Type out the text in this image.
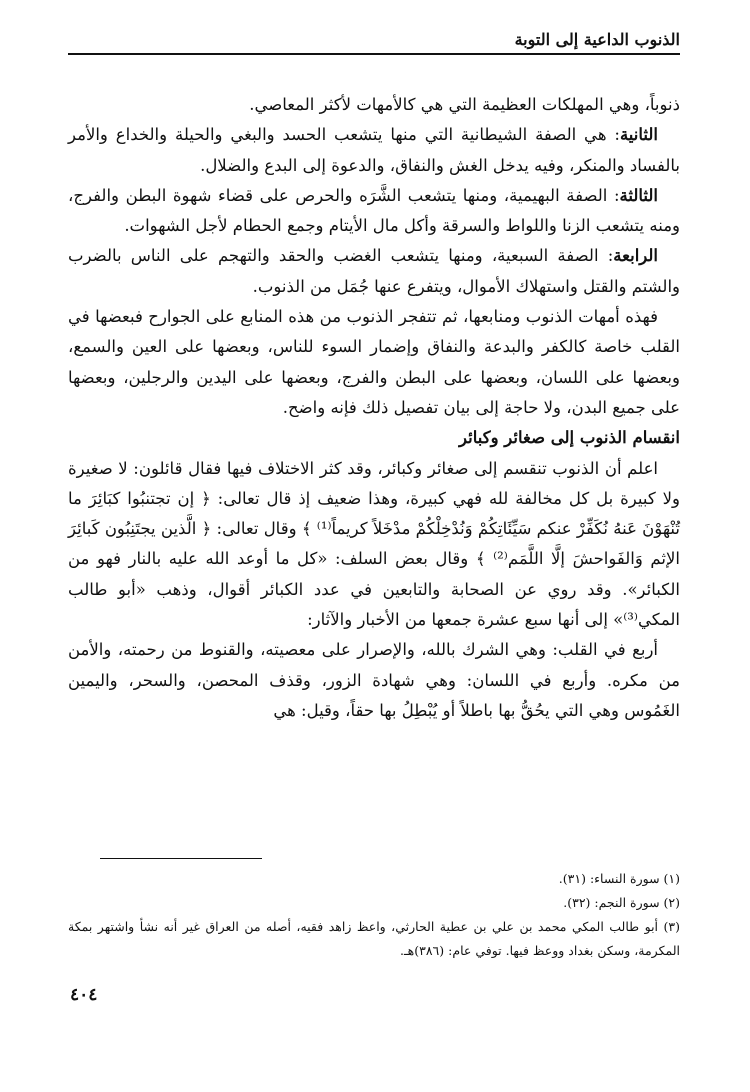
الذنوب الداعية إلى التوبة

ذنوباً، وهي المهلكات العظيمة التي هي كالأمهات لأكثر المعاصي.

الثانية: هي الصفة الشيطانية التي منها يتشعب الحسد والبغي والحيلة والخداع والأمر بالفساد والمنكر، وفيه يدخل الغش والنفاق، والدعوة إلى البدع والضلال.

الثالثة: الصفة البهيمية، ومنها يتشعب الشَّرَه والحرص على قضاء شهوة البطن والفرج، ومنه يتشعب الزنا واللواط والسرقة وأكل مال الأيتام وجمع الحطام لأجل الشهوات.

الرابعة: الصفة السبعية، ومنها يتشعب الغضب والحقد والتهجم على الناس بالضرب والشتم والقتل واستهلاك الأموال، ويتفرع عنها جُمَل من الذنوب.

فهذه أمهات الذنوب ومنابعها، ثم تتفجر الذنوب من هذه المنابع على الجوارح فبعضها في القلب خاصة كالكفر والبدعة والنفاق وإضمار السوء للناس، وبعضها على العين والسمع، وبعضها على اللسان، وبعضها على البطن والفرج، وبعضها على اليدين والرجلين، وبعضها على جميع البدن، ولا حاجة إلى بيان تفصيل ذلك فإنه واضح.

انقسام الذنوب إلى صغائر وكبائر

اعلم أن الذنوب تنقسم إلى صغائر وكبائر، وقد كثر الاختلاف فيها فقال قائلون: لا صغيرة ولا كبيرة بل كل مخالفة لله فهي كبيرة، وهذا ضعيف إذ قال تعالى: ﴿ إن تجتنبُوا كبَائِرَ ما تُنْهَوْنَ عَنهُ نُكَفِّرْ عنكم سَيِّئَاتِكُمْ وَنُدْخِلْكُمْ مدْخَلاً كريماً⁽¹⁾ ﴾ وقال تعالى: ﴿ الَّذين يجتَنِبُون كَبائِرَ الإثم وَالفَواحشَ إلَّا اللَّمَم⁽²⁾ ﴾ وقال بعض السلف: «كل ما أوعد الله عليه بالنار فهو من الكبائر». وقد روي عن الصحابة والتابعين في عدد الكبائر أقوال، وذهب «أبو طالب المكي⁽³⁾» إلى أنها سبع عشرة جمعها من الأخبار والآثار:

أربع في القلب: وهي الشرك بالله، والإصرار على معصيته، والقنوط من رحمته، والأمن من مكره. وأربع في اللسان: وهي شهادة الزور، وقذف المحصن، والسحر، واليمين الغَمُوس وهي التي يحُقُّ بها باطلاً أو يُبْطِلُ بها حقاً، وقيل: هي

(١) سورة النساء: (٣١).
(٢) سورة النجم: (٣٢).
(٣) أبو طالب المكي محمد بن علي بن عطية الحارثي، واعظ زاهد فقيه، أصله من العراق غير أنه نشأ واشتهر بمكة المكرمة، وسكن بغداد ووعظ فيها. توفي عام: (٣٨٦)هـ.
٤٠٤
